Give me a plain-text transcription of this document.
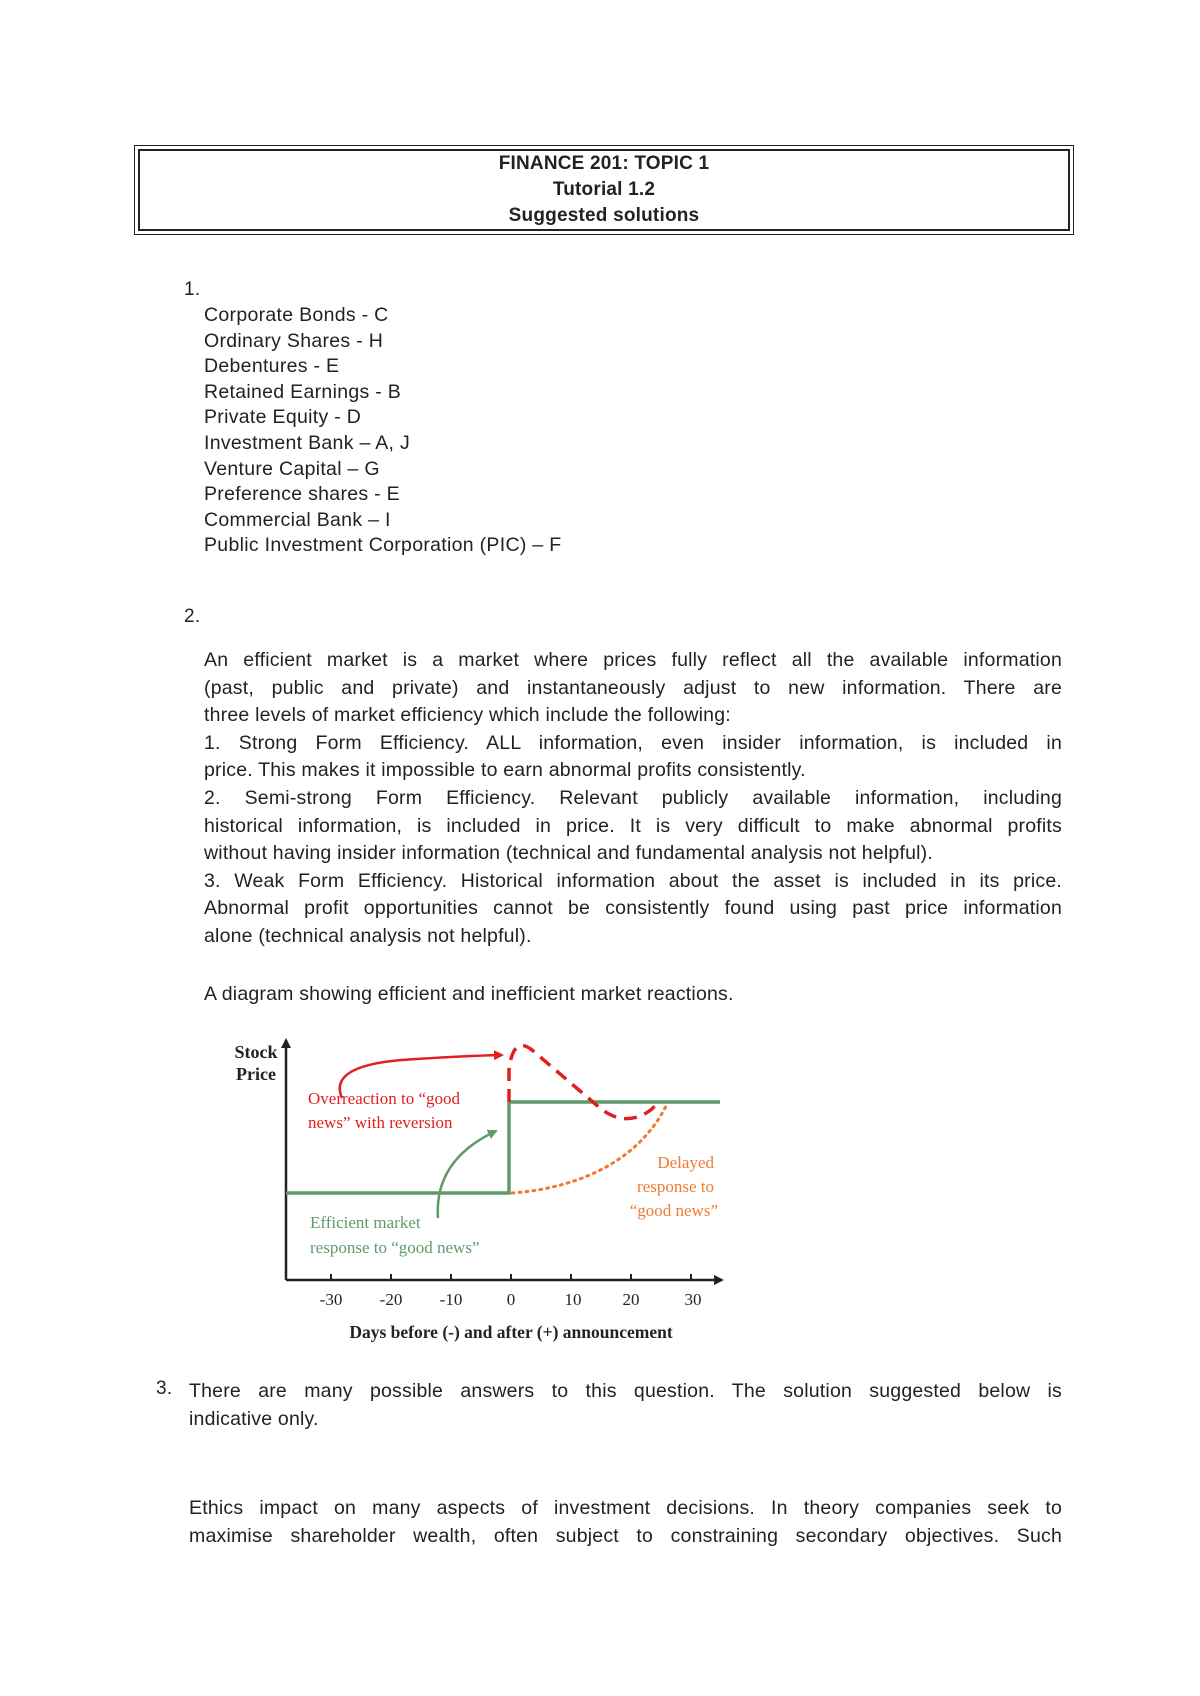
FINANCE 201: TOPIC 1
Tutorial 1.2
Suggested solutions
1.
Corporate Bonds - C
Ordinary Shares - H
Debentures - E
Retained Earnings - B
Private Equity - D
Investment Bank – A, J
Venture Capital – G
Preference shares - E
Commercial Bank – I
Public Investment Corporation (PIC) – F
2.
An efficient market is a market where prices fully reflect all the available information
(past, public and private) and instantaneously adjust to new information. There are
three levels of market efficiency which include the following:
1. Strong Form Efficiency. ALL information, even insider information, is included in
price. This makes it impossible to earn abnormal profits consistently.
2. Semi-strong Form Efficiency. Relevant publicly available information, including
historical information, is included in price. It is very difficult to make abnormal profits
without having insider information (technical and fundamental analysis not helpful).
3. Weak Form Efficiency. Historical information about the asset is included in its price.
Abnormal profit opportunities cannot be consistently found using past price information
alone (technical analysis not helpful).
A diagram showing efficient and inefficient market reactions.
Stock
Price
-30 -20 -10	0	10 20	30
Days before (-) and after (+) announcement
Overreaction to “good
news” with reversion
Delayed
response to
“good news”
Efficient market
response to “good news”
3. There are many possible answers to this question. The solution suggested below is
indicative only.
Ethics impact on many aspects of investment decisions. In theory companies seek to
maximise shareholder wealth, often subject to constraining secondary objectives. Such
